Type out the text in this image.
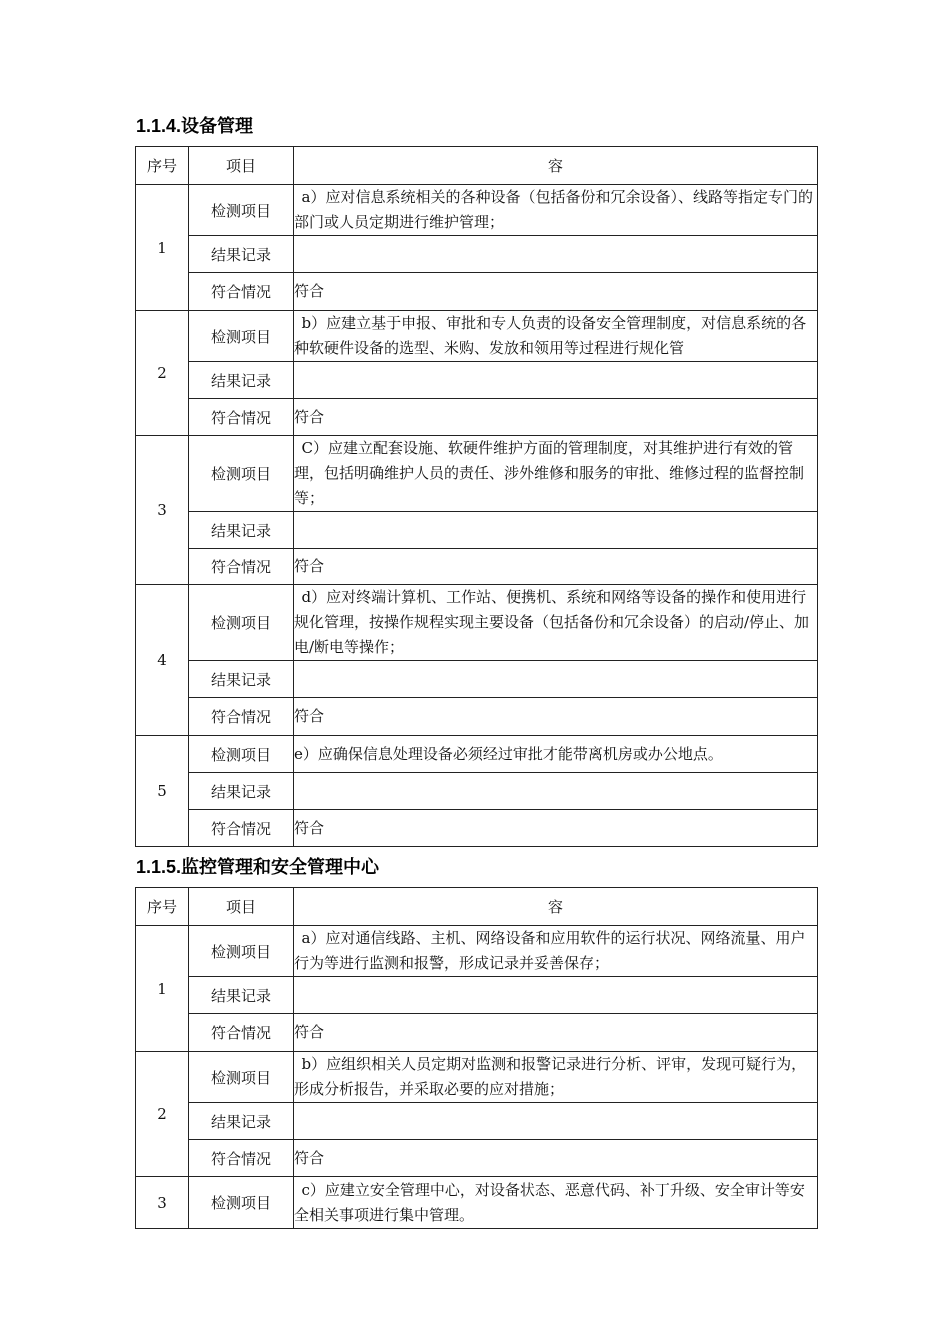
1.1.4.设备管理
序号	项目	容
1	检测项目	a）应对信息系统相关的各种设备（包括备份和冗余设备）、线路等指定专门的部门或人员定期进行维护管理；
	结果记录	
	符合情况	符合
2	检测项目	b）应建立基于申报、审批和专人负责的设备安全管理制度，对信息系统的各种软硬件设备的选型、米购、发放和领用等过程进行规化管
	结果记录	
	符合情况	符合
3	检测项目	C）应建立配套设施、软硬件维护方面的管理制度，对其维护进行有效的管理，包括明确维护人员的责任、涉外维修和服务的审批、维修过程的监督控制等；
	结果记录	
	符合情况	符合
4	检测项目	d）应对终端计算机、工作站、便携机、系统和网络等设备的操作和使用进行规化管理，按操作规程实现主要设备（包括备份和冗余设备）的启动/停止、加电/断电等操作；
	结果记录	
	符合情况	符合
5	检测项目	e）应确保信息处理设备必须经过审批才能带离机房或办公地点。
	结果记录	
	符合情况	符合
1.1.5.监控管理和安全管理中心
序号	项目	容
1	检测项目	a）应对通信线路、主机、网络设备和应用软件的运行状况、网络流量、用户行为等进行监测和报警，形成记录并妥善保存；
	结果记录	
	符合情况	符合
2	检测项目	b）应组织相关人员定期对监测和报警记录进行分析、评审，发现可疑行为，形成分析报告，并采取必要的应对措施；
	结果记录	
	符合情况	符合
3	检测项目	c）应建立安全管理中心，对设备状态、恶意代码、补丁升级、安全审计等安全相关事项进行集中管理。
